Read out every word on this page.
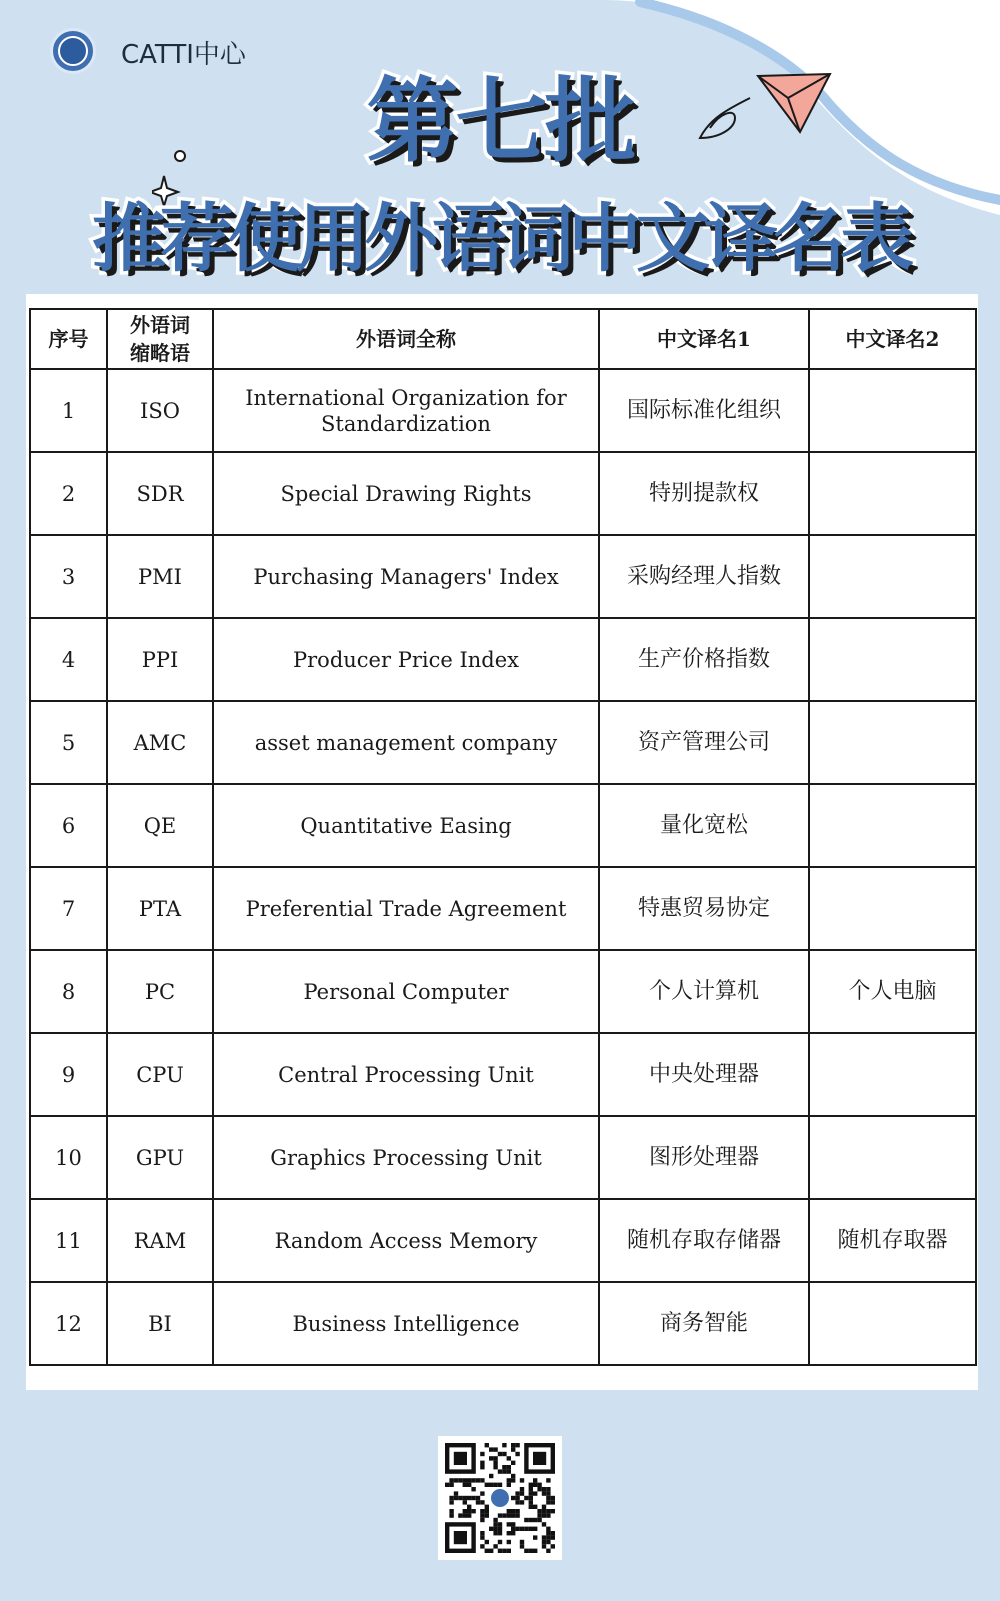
CATTI中心
第七批
推荐使用外语词中文译名表
序号	外语词缩略语	外语词全称	中文译名1	中文译名2
1	ISO	International Organization for Standardization	国际标准化组织	
2	SDR	Special Drawing Rights	特别提款权	
3	PMI	Purchasing Managers' Index	采购经理人指数	
4	PPI	Producer Price Index	生产价格指数	
5	AMC	asset management company	资产管理公司	
6	QE	Quantitative Easing	量化宽松	
7	PTA	Preferential Trade Agreement	特惠贸易协定	
8	PC	Personal Computer	个人计算机	个人电脑
9	CPU	Central Processing Unit	中央处理器	
10	GPU	Graphics Processing Unit	图形处理器	
11	RAM	Random Access Memory	随机存取存储器	随机存取器
12	BI	Business Intelligence	商务智能	
